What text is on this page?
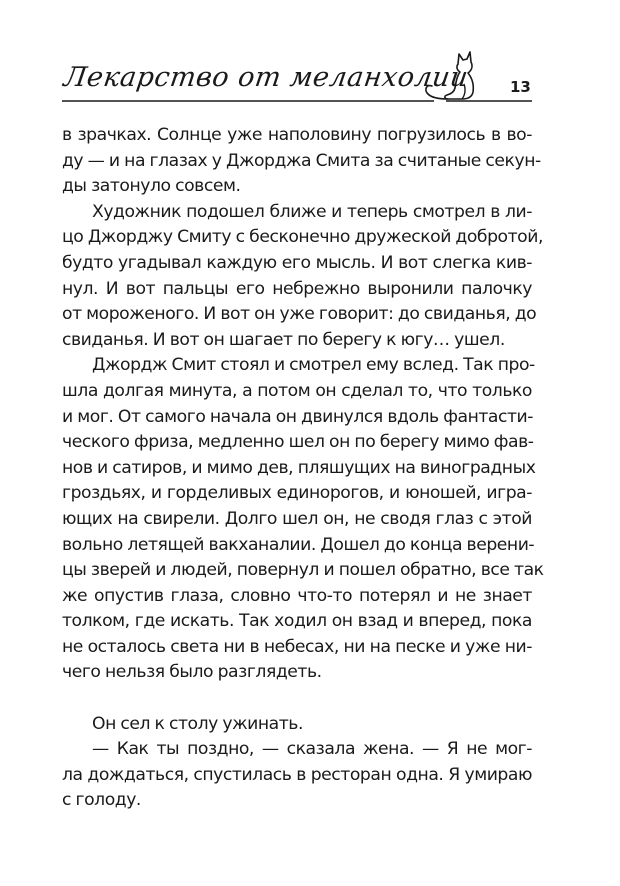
Лекарство от меланхолии	13
в зрачках. Солнце уже наполовину погрузилось в во-
ду — и на глазах у Джорджа Смита за считаные секун-
ды затонуло совсем.
Художник подошел ближе и теперь смотрел в ли-
цо Джорджу Смиту с бесконечно дружеской добротой,
будто угадывал каждую его мысль. И вот слегка кив-
нул. И вот пальцы его небрежно выронили палочку
от мороженого. И вот он уже говорит: до свиданья, до
свиданья. И вот он шагает по берегу к югу… ушел.
Джордж Смит стоял и смотрел ему вслед. Так про-
шла долгая минута, а потом он сделал то, что только
и мог. От самого начала он двинулся вдоль фантасти-
ческого фриза, медленно шел он по берегу мимо фав-
нов и сатиров, и мимо дев, пляшущих на виноградных
гроздьях, и горделивых единорогов, и юношей, игра-
ющих на свирели. Долго шел он, не сводя глаз с этой
вольно летящей вакханалии. Дошел до конца верени-
цы зверей и людей, повернул и пошел обратно, все так
же опустив глаза, словно что-то потерял и не знает
толком, где искать. Так ходил он взад и вперед, пока
не осталось света ни в небесах, ни на песке и уже ни-
чего нельзя было разглядеть.
Он сел к столу ужинать.
— Как ты поздно, — сказала жена. — Я не мог-
ла дождаться, спустилась в ресторан одна. Я умираю
с голоду.
